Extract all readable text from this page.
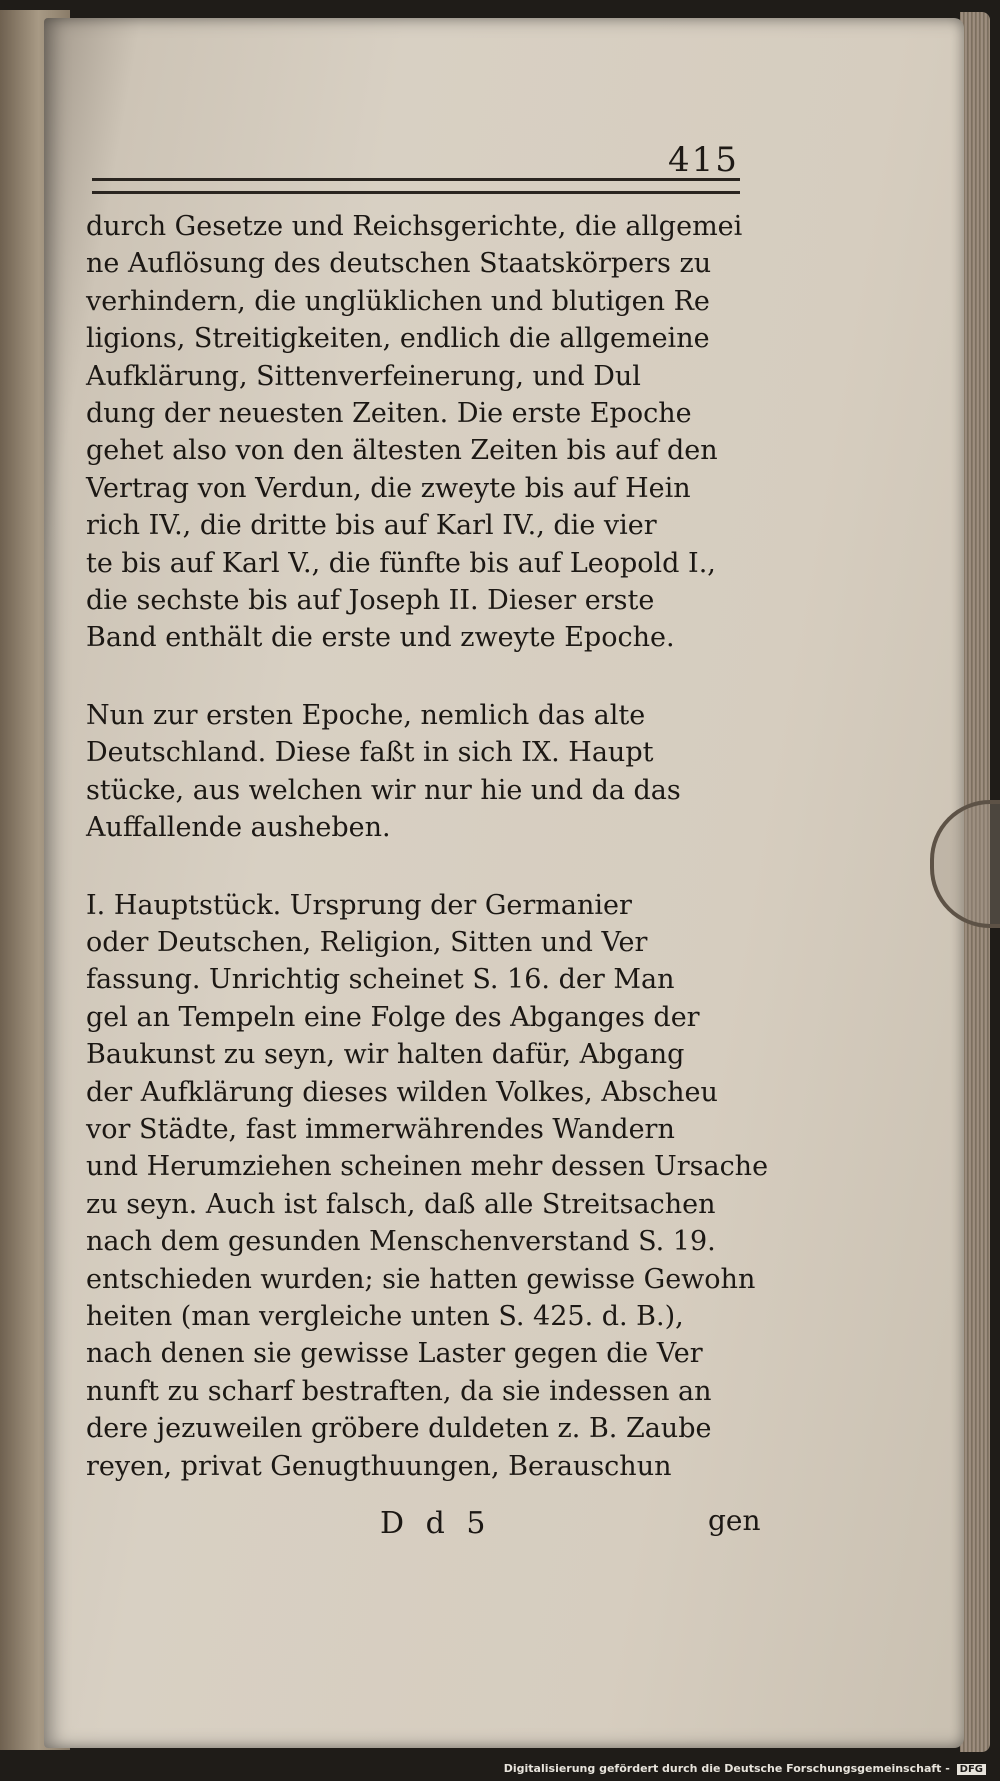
415
durch Gesetze und Reichsgerichte, die allgemei
ne Auflösung des deutschen Staatskörpers zu
verhindern, die unglüklichen und blutigen Re
ligions, Streitigkeiten, endlich die allgemeine
Aufklärung, Sittenverfeinerung, und Dul
dung der neuesten Zeiten. Die erste Epoche
gehet also von den ältesten Zeiten bis auf den
Vertrag von Verdun, die zweyte bis auf Hein
rich IV., die dritte bis auf Karl IV., die vier
te bis auf Karl V., die fünfte bis auf Leopold I.,
die sechste bis auf Joseph II. Dieser erste
Band enthält die erste und zweyte Epoche.
Nun zur ersten Epoche, nemlich das alte
Deutschland. Diese faßt in sich IX. Haupt
stücke, aus welchen wir nur hie und da das
Auffallende ausheben.
I. Hauptstück. Ursprung der Germanier
oder Deutschen, Religion, Sitten und Ver
fassung. Unrichtig scheinet S. 16. der Man
gel an Tempeln eine Folge des Abganges der
Baukunst zu seyn, wir halten dafür, Abgang
der Aufklärung dieses wilden Volkes, Abscheu
vor Städte, fast immerwährendes Wandern
und Herumziehen scheinen mehr dessen Ursache
zu seyn. Auch ist falsch, daß alle Streitsachen
nach dem gesunden Menschenverstand S. 19.
entschieden wurden; sie hatten gewisse Gewohn
heiten (man vergleiche unten S. 425. d. B.),
nach denen sie gewisse Laster gegen die Ver
nunft zu scharf bestraften, da sie indessen an
dere jezuweilen gröbere duldeten z. B. Zaube
reyen, privat Genugthuungen, Berauschun
D d 5	gen
Digitalisierung gefördert durch die Deutsche Forschungsgemeinschaft - DFG
